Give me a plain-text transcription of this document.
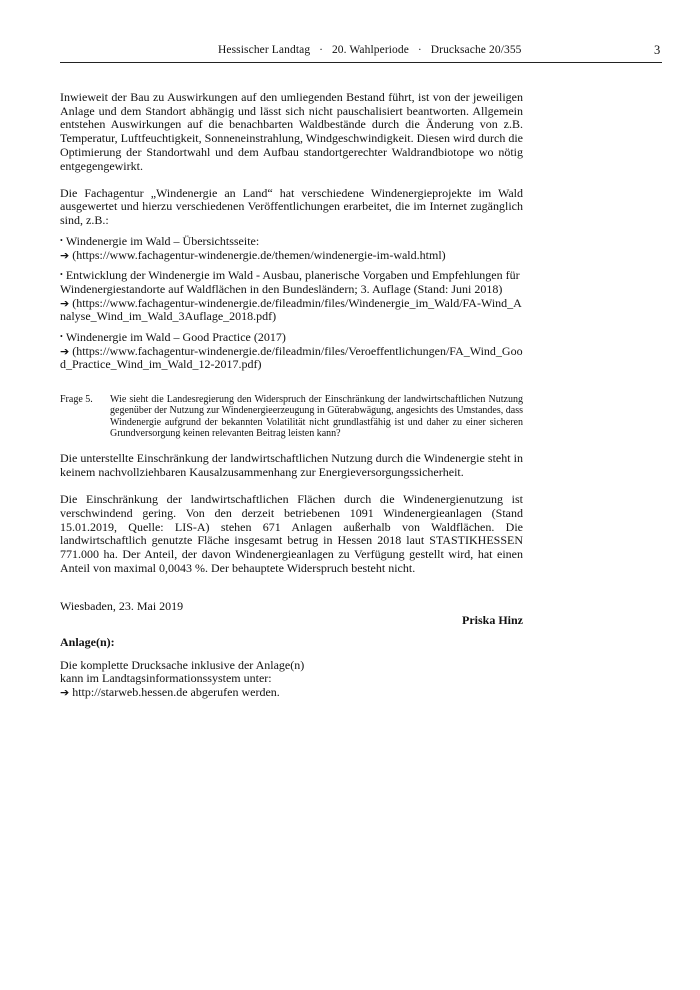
Hessischer Landtag   ·   20. Wahlperiode   ·   Drucksache 20/355	3

Inwieweit der Bau zu Auswirkungen auf den umliegenden Bestand führt, ist von der jeweiligen Anlage und dem Standort abhängig und lässt sich nicht pauschalisiert beantworten. Allgemein entstehen Auswirkungen auf die benachbarten Waldbestände durch die Änderung von z.B. Temperatur, Luftfeuchtigkeit, Sonneneinstrahlung, Windgeschwindigkeit. Diesen wird durch die Optimierung der Standortwahl und dem Aufbau standortgerechter Waldrandbiotope wo nötig entgegengewirkt.

Die Fachagentur „Windenergie an Land“ hat verschiedene Windenergieprojekte im Wald ausgewertet und hierzu verschiedenen Veröffentlichungen erarbeitet, die im Internet zugänglich sind, z.B.:

• Windenergie im Wald – Übersichtsseite:
➔ (https://www.fachagentur-windenergie.de/themen/windenergie-im-wald.html)
• Entwicklung der Windenergie im Wald - Ausbau, planerische Vorgaben und Empfehlungen für Windenergiestandorte auf Waldflächen in den Bundesländern; 3. Auflage (Stand: Juni 2018)
➔ (https://www.fachagentur-windenergie.de/fileadmin/files/Windenergie_im_Wald/FA-Wind_Analyse_Wind_im_Wald_3Auflage_2018.pdf)
• Windenergie im Wald – Good Practice (2017)
➔ (https://www.fachagentur-windenergie.de/fileadmin/files/Veroeffentlichungen/FA_Wind_Good_Practice_Wind_im_Wald_12-2017.pdf)
Frage 5.	Wie sieht die Landesregierung den Widerspruch der Einschränkung der landwirtschaftlichen Nutzung gegenüber der Nutzung zur Windenergieerzeugung in Güterabwägung, angesichts des Umstandes, dass Windenergie aufgrund der bekannten Volatilität nicht grundlastfähig ist und daher zu einer sicheren Grundversorgung keinen relevanten Beitrag leisten kann?

Die unterstellte Einschränkung der landwirtschaftlichen Nutzung durch die Windenergie steht in keinem nachvollziehbaren Kausalzusammenhang zur Energieversorgungssicherheit.

Die Einschränkung der landwirtschaftlichen Flächen durch die Windenergienutzung ist verschwindend gering. Von den derzeit betriebenen 1091 Windenergieanlagen (Stand 15.01.2019, Quelle: LIS-A) stehen 671 Anlagen außerhalb von Waldflächen. Die landwirtschaftlich genutzte Fläche insgesamt betrug in Hessen 2018 laut STASTIKHESSEN 771.000 ha. Der Anteil, der davon Windenergieanlagen zu Verfügung gestellt wird, hat einen Anteil von maximal 0,0043 %. Der behauptete Widerspruch besteht nicht.

Wiesbaden, 23. Mai 2019
Priska Hinz

Anlage(n):

Die komplette Drucksache inklusive der Anlage(n)

kann im Landtagsinformationssystem unter:

➔ http://starweb.hessen.de abgerufen werden.
